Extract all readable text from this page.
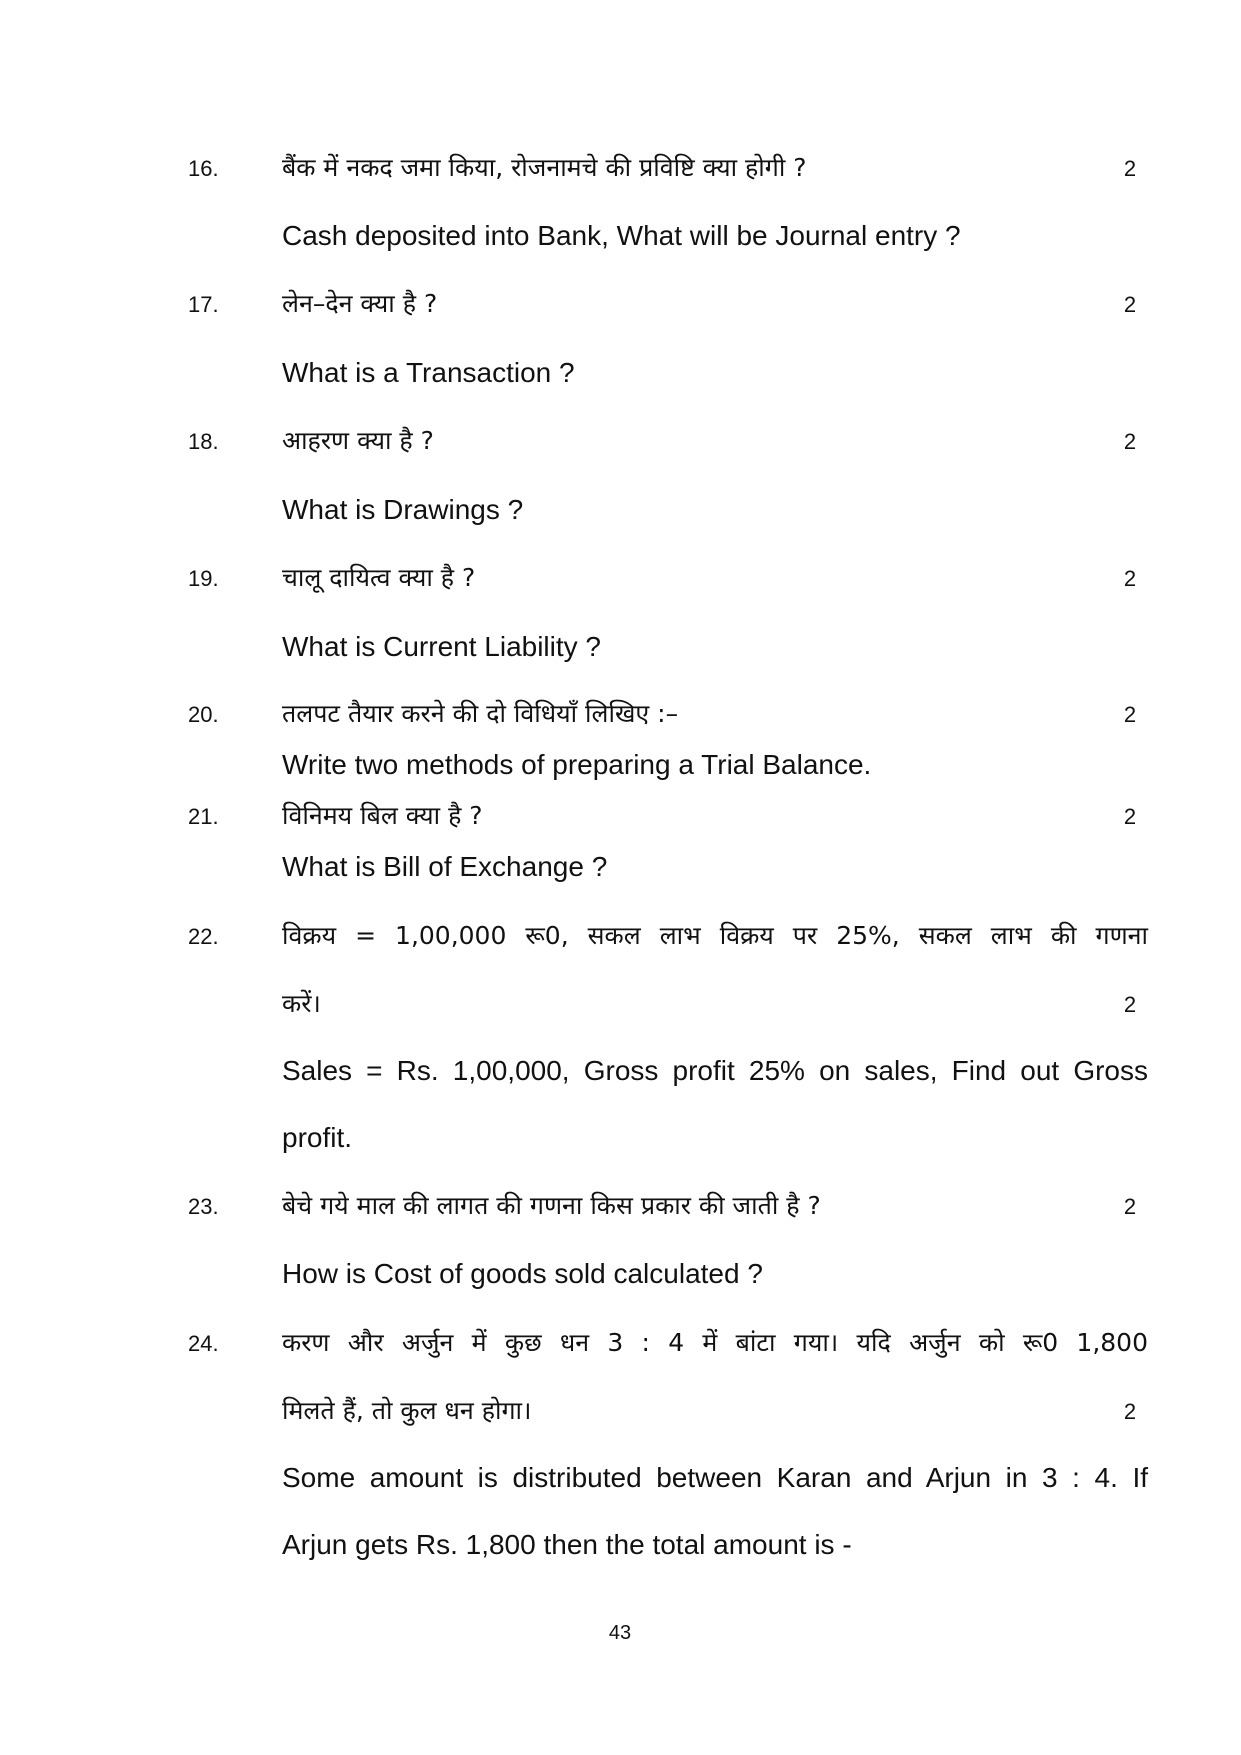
16.	बैंक में नकद जमा किया, रोजनामचे की प्रविष्टि क्या होगी ?	2
Cash deposited into Bank, What will be Journal entry ?
17.	लेन–देन क्या है ?	2
What is a Transaction ?
18.	आहरण क्या है ?	2
What is Drawings ?
19.	चालू दायित्व क्या है ?	2
What is Current Liability ?
20.	तलपट तैयार करने की दो विधियाँ लिखिए :–	2
Write two methods of preparing a Trial Balance.
21.	विनिमय बिल क्या है ?	2
What is Bill of Exchange ?
22.	विक्रय = 1,00,000 रू0, सकल लाभ विक्रय पर 25%, सकल लाभ की गणना
करें।	2
Sales = Rs. 1,00,000, Gross profit 25% on sales, Find out Gross
profit.
23.	बेचे गये माल की लागत की गणना किस प्रकार की जाती है ?	2
How is Cost of goods sold calculated ?
24.	करण और अर्जुन में कुछ धन 3 : 4 में बांटा गया। यदि अर्जुन को रू0 1,800
मिलते हैं, तो कुल धन होगा।	2
Some amount is distributed between Karan and Arjun in 3 : 4. If
Arjun gets Rs. 1,800 then the total amount is -
43
